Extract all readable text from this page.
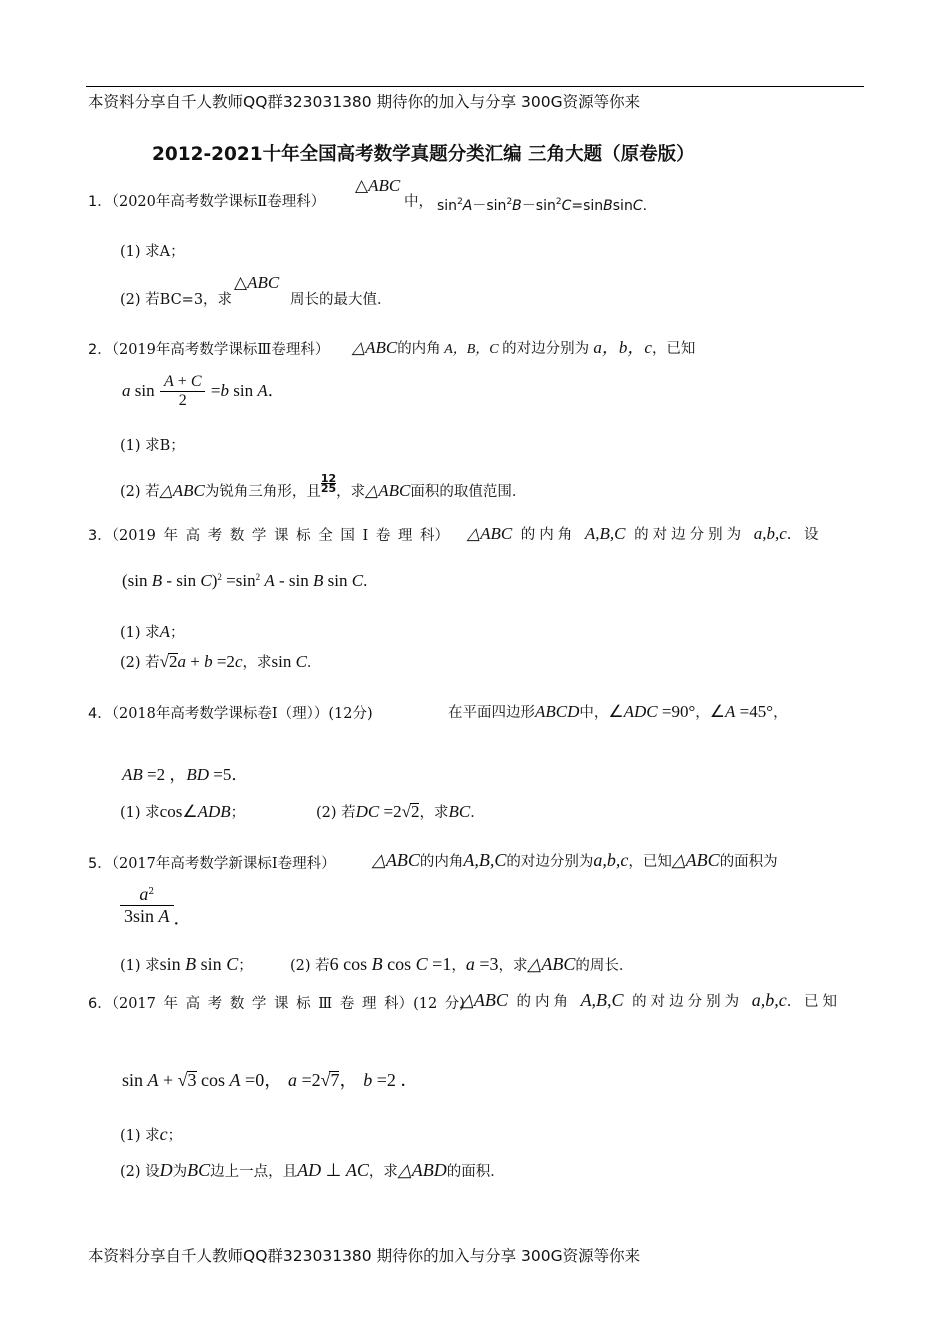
本资料分享自千人教师QQ群323031380 期待你的加入与分享 300G资源等你来
2012-2021十年全国高考数学真题分类汇编 三角大题（原卷版）
1．（2020年高考数学课标Ⅱ卷理科）
△ABC
中， $\sin^2A-\sin^2B-\sin^2C=sinBsinC$.
(1) 求A；
(2) 若BC=3，求
△ABC
周长的最大值．
2．（2019年高考数学课标Ⅲ卷理科） △ABC的内角 A，B，C 的对边分别为 a，b，c，已知
a $\sin \frac{A + C}{2} =b$ sin A．
(1) 求B；
(2) 若△ABC为锐角三角形，且 $\frac{12}{25}$ ，求△ABC面积的取值范围．
3．（2019 年 高 考 数 学 课 标 全 国 Ⅰ 卷 理 科） △ABC 的内角 A,B,C 的对边分别为 a,b,c. 设
(sin $B - \sin C)^2 =\sin^2$ A - sin B sin C.
(1) 求A；
(2) 若√2a + b =2c，求sin C．
4．（2018年高考数学课标卷Ⅰ（理））(12分)	在平面四边形ABCD中，∠ADC =90°，∠A =45°，
AB =2 ，BD =5．
(1) 求cos∠ADB；	(2) 若DC =2√2，求BC．
5．（2017年高考数学新课标Ⅰ卷理科） △ABC的内角A,B,C的对边分别为a,b,c，已知△ABC的面积为
$\frac{a^2}{\text{3sin A}}$ ．
(1) 求sin B sin C；	(2) 若6 cos B cos C =1，a =3，求△ABC的周长．
6．（2017 年 高 考 数 学 课 标 Ⅲ 卷 理 科）(12 分)
△ABC 的内角 A,B,C 的对边分别为 a,b,c. 已知
sin A + √3 cos A =0， a =2√7， b =2 ．
(1) 求c；
(2) 设D为BC边上一点，且AD ⊥ AC，求△ABD的面积．
本资料分享自千人教师QQ群323031380 期待你的加入与分享 300G资源等你来
